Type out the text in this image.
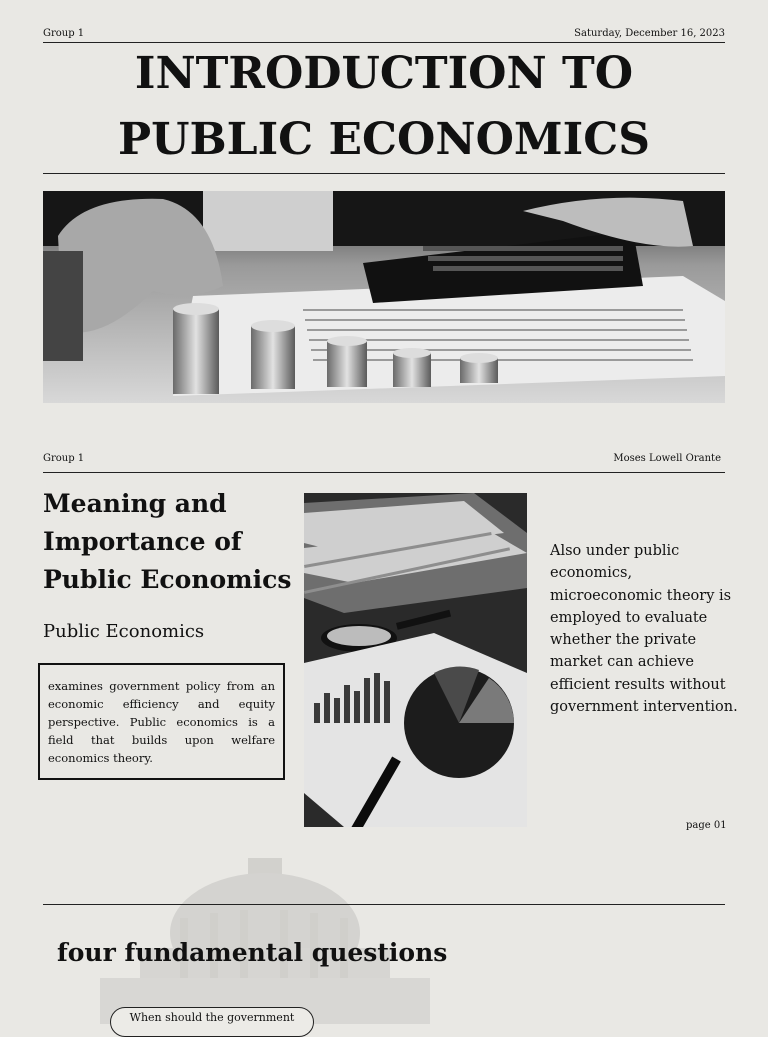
Group 1	Saturday, December 16, 2023
INTRODUCTION TO
PUBLIC ECONOMICS
Group 1	Moses Lowell Orante
Meaning and
Importance of
Public Economics
Public Economics
examines government policy from an economic efficiency and equity perspective. Public economics is a field that builds upon welfare economics theory.
Also under public economics, microeconomic theory is employed to evaluate whether the private market can achieve efficient results without government intervention.
page 01
four fundamental questions
When should the government
